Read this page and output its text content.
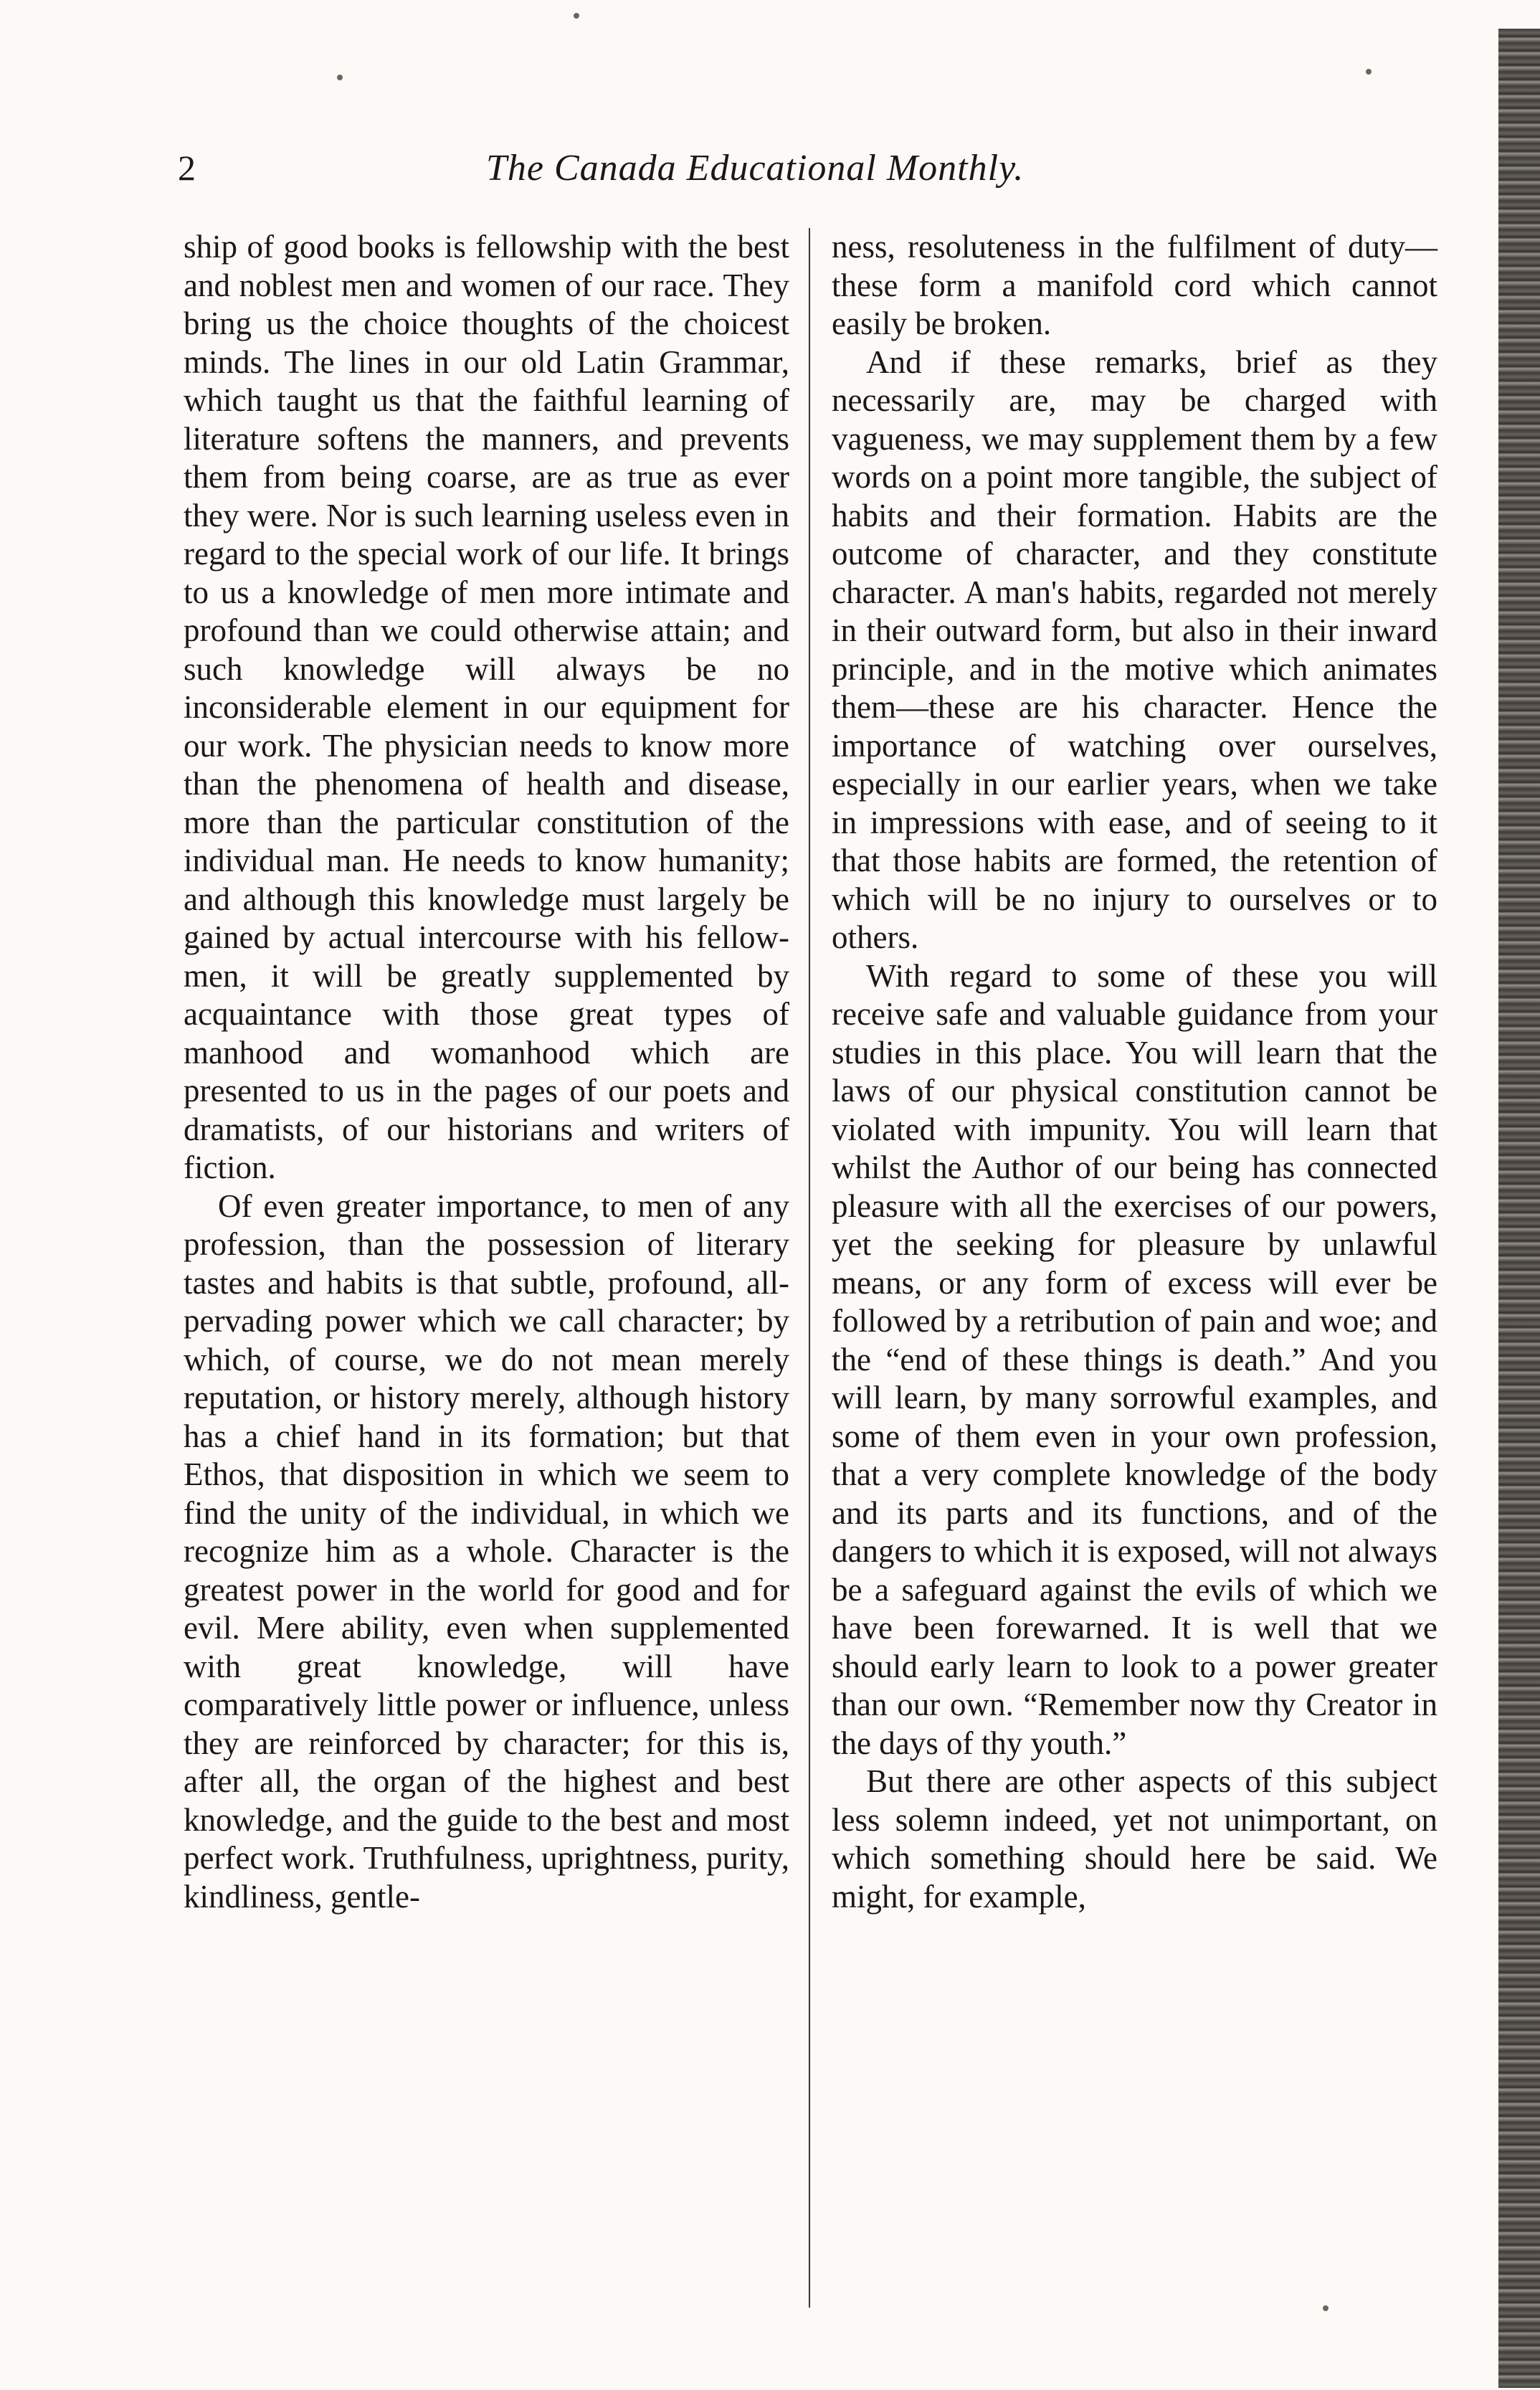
2	The Canada Educational Monthly.

ship of good books is fellowship with the best and noblest men and women of our race. They bring us the choice thoughts of the choicest minds. The lines in our old Latin Grammar, which taught us that the faithful learning of literature softens the manners, and prevents them from being coarse, are as true as ever they were. Nor is such learning useless even in regard to the special work of our life. It brings to us a knowledge of men more intimate and profound than we could otherwise attain; and such knowledge will always be no inconsiderable element in our equipment for our work. The physician needs to know more than the phenomena of health and disease, more than the particular constitution of the individual man. He needs to know humanity; and although this knowledge must largely be gained by actual intercourse with his fellow-men, it will be greatly supplemented by acquaintance with those great types of manhood and womanhood which are presented to us in the pages of our poets and dramatists, of our historians and writers of fiction.

Of even greater importance, to men of any profession, than the possession of literary tastes and habits is that subtle, profound, all-pervading power which we call character; by which, of course, we do not mean merely reputation, or history merely, although history has a chief hand in its formation; but that Ethos, that disposition in which we seem to find the unity of the individual, in which we recognize him as a whole. Character is the greatest power in the world for good and for evil. Mere ability, even when supplemented with great knowledge, will have comparatively little power or influence, unless they are reinforced by character; for this is, after all, the organ of the highest and best knowledge, and the guide to the best and most perfect work. Truthfulness, uprightness, purity, kindliness, gentle-

ness, resoluteness in the fulfilment of duty—these form a manifold cord which cannot easily be broken.

And if these remarks, brief as they necessarily are, may be charged with vagueness, we may supplement them by a few words on a point more tangible, the subject of habits and their formation. Habits are the outcome of character, and they constitute character. A man's habits, regarded not merely in their outward form, but also in their inward principle, and in the motive which animates them—these are his character. Hence the importance of watching over ourselves, especially in our earlier years, when we take in impressions with ease, and of seeing to it that those habits are formed, the retention of which will be no injury to ourselves or to others.

With regard to some of these you will receive safe and valuable guidance from your studies in this place. You will learn that the laws of our physical constitution cannot be violated with impunity. You will learn that whilst the Author of our being has connected pleasure with all the exercises of our powers, yet the seeking for pleasure by unlawful means, or any form of excess will ever be followed by a retribution of pain and woe; and the “end of these things is death.” And you will learn, by many sorrowful examples, and some of them even in your own profession, that a very complete knowledge of the body and its parts and its functions, and of the dangers to which it is exposed, will not always be a safeguard against the evils of which we have been forewarned. It is well that we should early learn to look to a power greater than our own. “Remember now thy Creator in the days of thy youth.”

But there are other aspects of this subject less solemn indeed, yet not unimportant, on which something should here be said. We might, for example,
